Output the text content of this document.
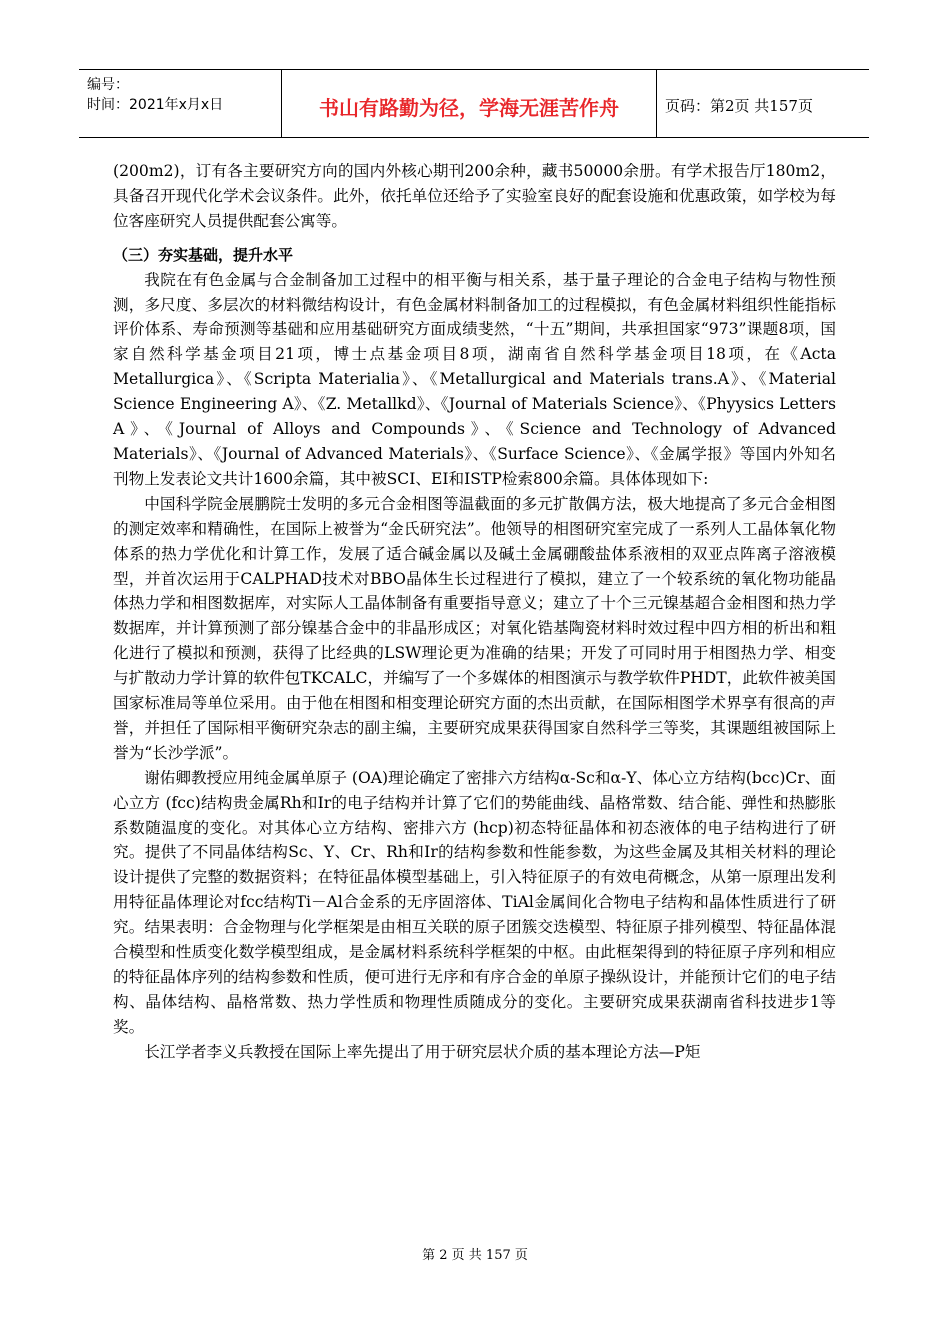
编号：
时间：2021年x月x日	书山有路勤为径，学海无涯苦作舟	页码：第2页 共157页

(200m2)，订有各主要研究方向的国内外核心期刊200余种，藏书50000余册。有学术报告厅180m2，具备召开现代化学术会议条件。此外，依托单位还给予了实验室良好的配套设施和优惠政策，如学校为每位客座研究人员提供配套公寓等。

（三）夯实基础，提升水平

我院在有色金属与合金制备加工过程中的相平衡与相关系，基于量子理论的合金电子结构与物性预测，多尺度、多层次的材料微结构设计，有色金属材料制备加工的过程模拟，有色金属材料组织性能指标评价体系、寿命预测等基础和应用基础研究方面成绩斐然，“十五”期间，共承担国家“973”课题8项，国家自然科学基金项目21项，博士点基金项目8项，湖南省自然科学基金项目18项，在《Acta Metallurgica》、《Scripta Materialia》、《Metallurgical and Materials trans.A》、《Material Science Engineering A》、《Z. Metallkd》、《Journal of Materials Science》、《Phyysics Letters A》、《Journal of Alloys and Compounds》、《Science and Technology of Advanced Materials》、《Journal of Advanced Materials》、《Surface Science》、《金属学报》等国内外知名刊物上发表论文共计1600余篇，其中被SCI、EI和ISTP检索800余篇。具体体现如下:

中国科学院金展鹏院士发明的多元合金相图等温截面的多元扩散偶方法，极大地提高了多元合金相图的测定效率和精确性，在国际上被誉为“金氏研究法”。他领导的相图研究室完成了一系列人工晶体氧化物体系的热力学优化和计算工作，发展了适合碱金属以及碱土金属硼酸盐体系液相的双亚点阵离子溶液模型，并首次运用于CALPHAD技术对BBO晶体生长过程进行了模拟，建立了一个较系统的氧化物功能晶体热力学和相图数据库，对实际人工晶体制备有重要指导意义；建立了十个三元镍基超合金相图和热力学数据库，并计算预测了部分镍基合金中的非晶形成区；对氧化锆基陶瓷材料时效过程中四方相的析出和粗化进行了模拟和预测，获得了比经典的LSW理论更为准确的结果；开发了可同时用于相图热力学、相变与扩散动力学计算的软件包TKCALC，并编写了一个多媒体的相图演示与教学软件PHDT，此软件被美国国家标准局等单位采用。由于他在相图和相变理论研究方面的杰出贡献，在国际相图学术界享有很高的声誉，并担任了国际相平衡研究杂志的副主编，主要研究成果获得国家自然科学三等奖，其课题组被国际上誉为“长沙学派”。

谢佑卿教授应用纯金属单原子 (OA)理论确定了密排六方结构α-Sc和α-Y、体心立方结构(bcc)Cr、面心立方 (fcc)结构贵金属Rh和Ir的电子结构并计算了它们的势能曲线、晶格常数、结合能、弹性和热膨胀系数随温度的变化。对其体心立方结构、密排六方 (hcp)初态特征晶体和初态液体的电子结构进行了研究。提供了不同晶体结构Sc、Y、Cr、Rh和Ir的结构参数和性能参数，为这些金属及其相关材料的理论设计提供了完整的数据资料；在特征晶体模型基础上，引入特征原子的有效电荷概念，从第一原理出发利用特征晶体理论对fcc结构Ti－Al合金系的无序固溶体、TiAl金属间化合物电子结构和晶体性质进行了研究。结果表明：合金物理与化学框架是由相互关联的原子团簇交迭模型、特征原子排列模型、特征晶体混合模型和性质变化数学模型组成，是金属材料系统科学框架的中枢。由此框架得到的特征原子序列和相应的特征晶体序列的结构参数和性质，便可进行无序和有序合金的单原子操纵设计，并能预计它们的电子结构、晶体结构、晶格常数、热力学性质和物理性质随成分的变化。主要研究成果获湖南省科技进步1等奖。

长江学者李义兵教授在国际上率先提出了用于研究层状介质的基本理论方法—P矩

第 2 页 共 157 页
